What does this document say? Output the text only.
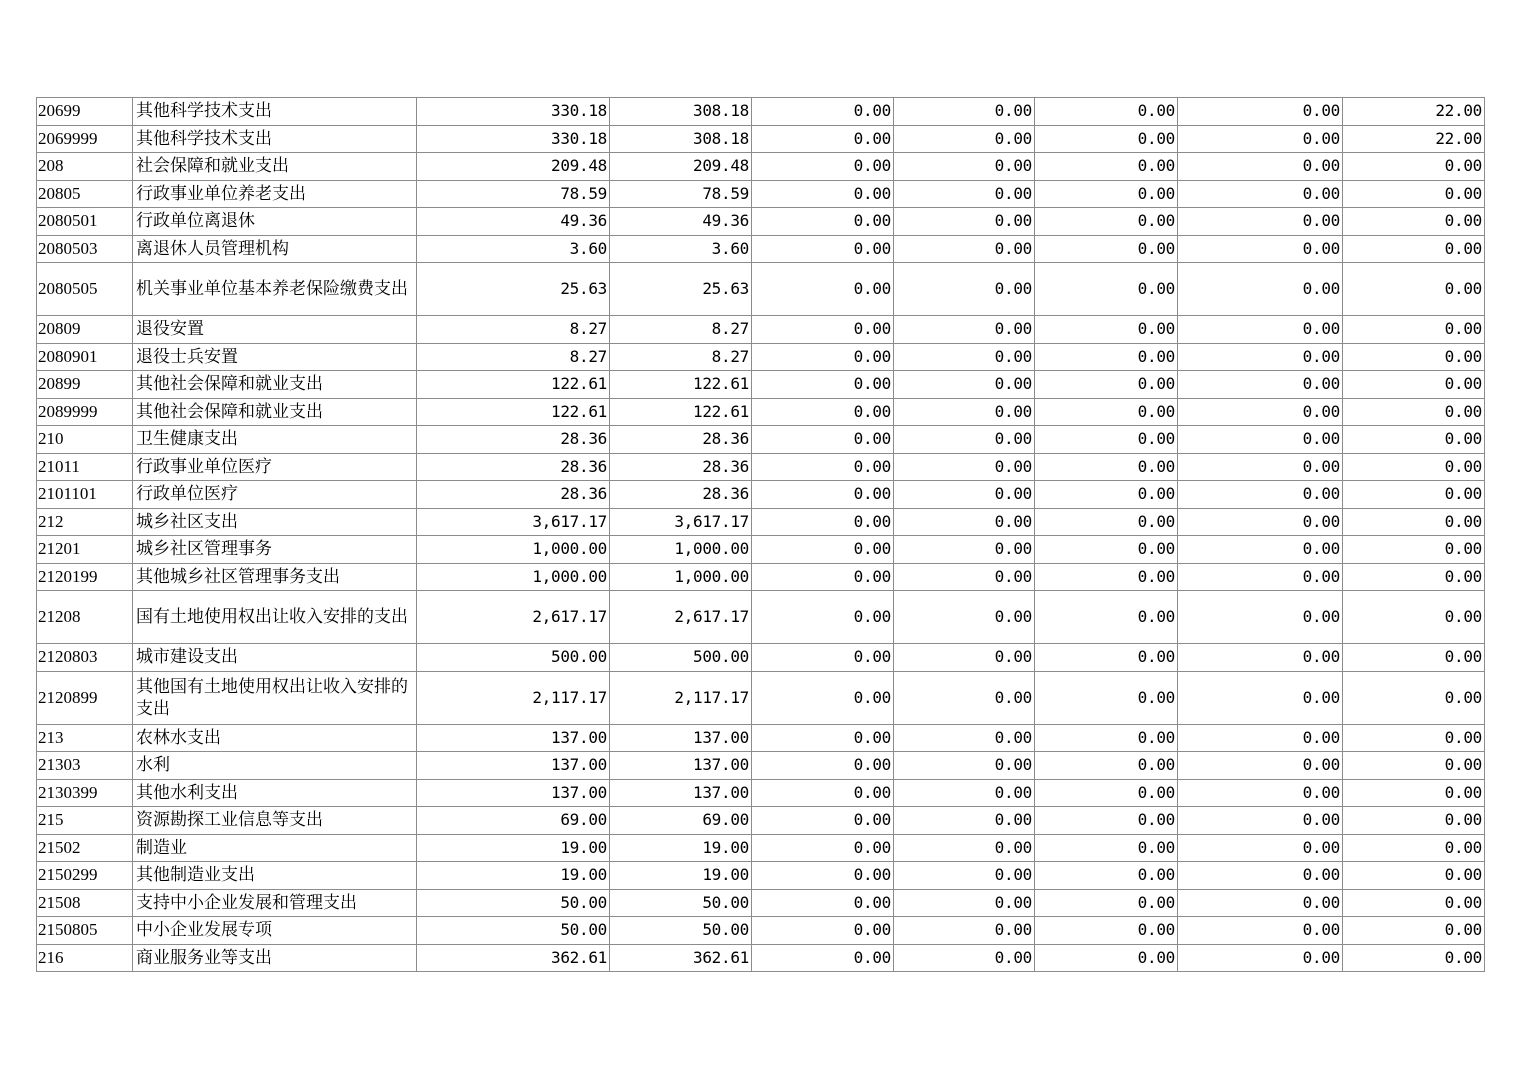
20699	其他科学技术支出	330.18	308.18	0.00	0.00	0.00	0.00	22.00
2069999	其他科学技术支出	330.18	308.18	0.00	0.00	0.00	0.00	22.00
208	社会保障和就业支出	209.48	209.48	0.00	0.00	0.00	0.00	0.00
20805	行政事业单位养老支出	78.59	78.59	0.00	0.00	0.00	0.00	0.00
2080501	行政单位离退休	49.36	49.36	0.00	0.00	0.00	0.00	0.00
2080503	离退休人员管理机构	3.60	3.60	0.00	0.00	0.00	0.00	0.00
2080505	机关事业单位基本养老保险缴费支出	25.63	25.63	0.00	0.00	0.00	0.00	0.00
20809	退役安置	8.27	8.27	0.00	0.00	0.00	0.00	0.00
2080901	退役士兵安置	8.27	8.27	0.00	0.00	0.00	0.00	0.00
20899	其他社会保障和就业支出	122.61	122.61	0.00	0.00	0.00	0.00	0.00
2089999	其他社会保障和就业支出	122.61	122.61	0.00	0.00	0.00	0.00	0.00
210	卫生健康支出	28.36	28.36	0.00	0.00	0.00	0.00	0.00
21011	行政事业单位医疗	28.36	28.36	0.00	0.00	0.00	0.00	0.00
2101101	行政单位医疗	28.36	28.36	0.00	0.00	0.00	0.00	0.00
212	城乡社区支出	3,617.17	3,617.17	0.00	0.00	0.00	0.00	0.00
21201	城乡社区管理事务	1,000.00	1,000.00	0.00	0.00	0.00	0.00	0.00
2120199	其他城乡社区管理事务支出	1,000.00	1,000.00	0.00	0.00	0.00	0.00	0.00
21208	国有土地使用权出让收入安排的支出	2,617.17	2,617.17	0.00	0.00	0.00	0.00	0.00
2120803	城市建设支出	500.00	500.00	0.00	0.00	0.00	0.00	0.00
2120899	其他国有土地使用权出让收入安排的支出	2,117.17	2,117.17	0.00	0.00	0.00	0.00	0.00
213	农林水支出	137.00	137.00	0.00	0.00	0.00	0.00	0.00
21303	水利	137.00	137.00	0.00	0.00	0.00	0.00	0.00
2130399	其他水利支出	137.00	137.00	0.00	0.00	0.00	0.00	0.00
215	资源勘探工业信息等支出	69.00	69.00	0.00	0.00	0.00	0.00	0.00
21502	制造业	19.00	19.00	0.00	0.00	0.00	0.00	0.00
2150299	其他制造业支出	19.00	19.00	0.00	0.00	0.00	0.00	0.00
21508	支持中小企业发展和管理支出	50.00	50.00	0.00	0.00	0.00	0.00	0.00
2150805	中小企业发展专项	50.00	50.00	0.00	0.00	0.00	0.00	0.00
216	商业服务业等支出	362.61	362.61	0.00	0.00	0.00	0.00	0.00
